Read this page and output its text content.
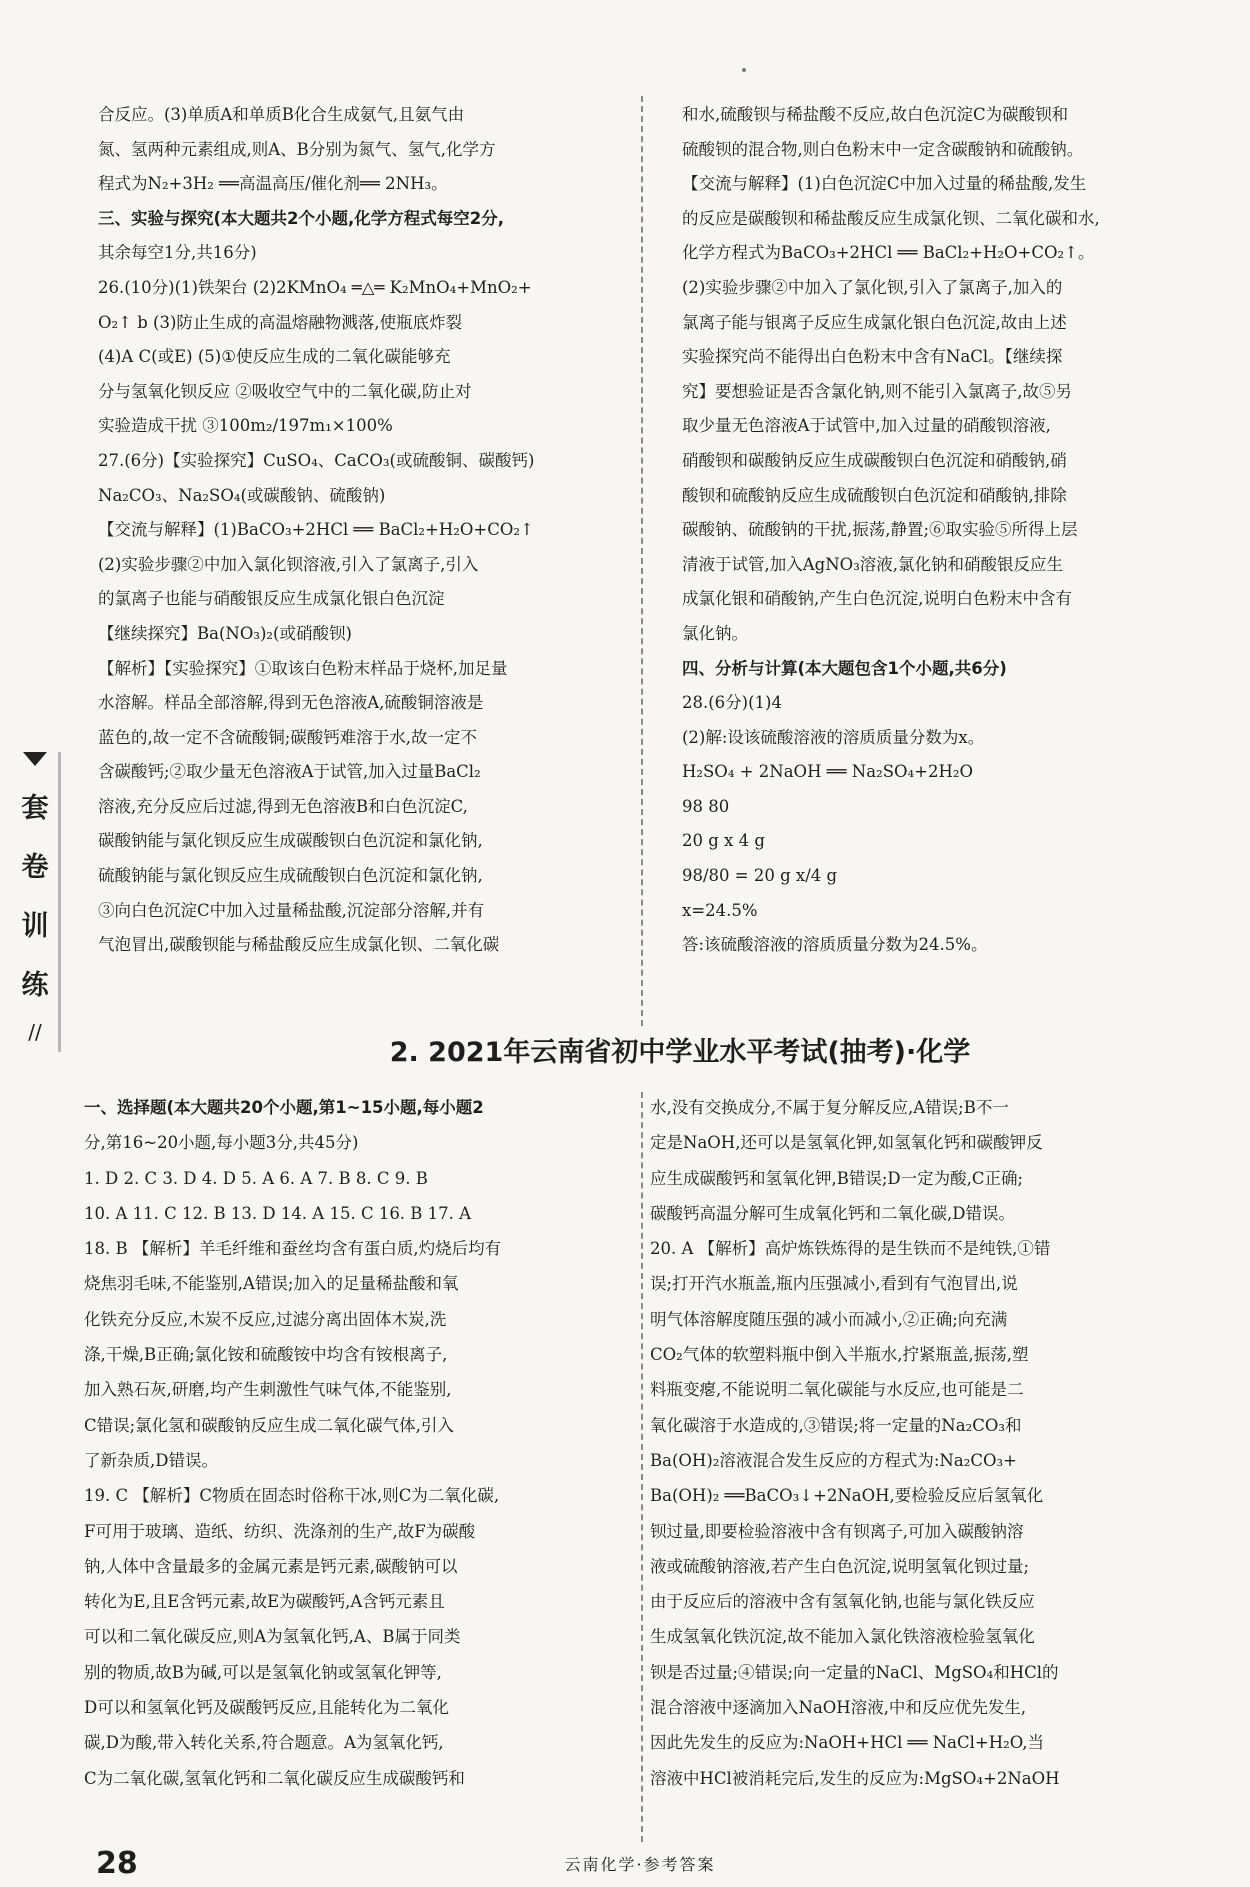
合反应。(3)单质A和单质B化合生成氨气,且氨气由

氮、氢两种元素组成,则A、B分别为氮气、氢气,化学方

程式为N₂+3H₂ ══高温高压/催化剂══ 2NH₃。

三、实验与探究(本大题共2个小题,化学方程式每空2分,

其余每空1分,共16分)

26.(10分)(1)铁架台 (2)2KMnO₄ ═△═ K₂MnO₄+MnO₂+

O₂↑ b (3)防止生成的高温熔融物溅落,使瓶底炸裂

(4)A C(或E) (5)①使反应生成的二氧化碳能够充

分与氢氧化钡反应 ②吸收空气中的二氧化碳,防止对

实验造成干扰 ③100m₂/197m₁×100%

27.(6分)【实验探究】CuSO₄、CaCO₃(或硫酸铜、碳酸钙)

Na₂CO₃、Na₂SO₄(或碳酸钠、硫酸钠)

【交流与解释】(1)BaCO₃+2HCl ══ BaCl₂+H₂O+CO₂↑

(2)实验步骤②中加入氯化钡溶液,引入了氯离子,引入

的氯离子也能与硝酸银反应生成氯化银白色沉淀

【继续探究】Ba(NO₃)₂(或硝酸钡)

【解析】【实验探究】①取该白色粉末样品于烧杯,加足量

水溶解。样品全部溶解,得到无色溶液A,硫酸铜溶液是

蓝色的,故一定不含硫酸铜;碳酸钙难溶于水,故一定不

含碳酸钙;②取少量无色溶液A于试管,加入过量BaCl₂

溶液,充分反应后过滤,得到无色溶液B和白色沉淀C,

碳酸钠能与氯化钡反应生成碳酸钡白色沉淀和氯化钠,

硫酸钠能与氯化钡反应生成硫酸钡白色沉淀和氯化钠,

③向白色沉淀C中加入过量稀盐酸,沉淀部分溶解,并有

气泡冒出,碳酸钡能与稀盐酸反应生成氯化钡、二氧化碳

和水,硫酸钡与稀盐酸不反应,故白色沉淀C为碳酸钡和

硫酸钡的混合物,则白色粉末中一定含碳酸钠和硫酸钠。

【交流与解释】(1)白色沉淀C中加入过量的稀盐酸,发生

的反应是碳酸钡和稀盐酸反应生成氯化钡、二氧化碳和水,

化学方程式为BaCO₃+2HCl ══ BaCl₂+H₂O+CO₂↑。

(2)实验步骤②中加入了氯化钡,引入了氯离子,加入的

氯离子能与银离子反应生成氯化银白色沉淀,故由上述

实验探究尚不能得出白色粉末中含有NaCl。【继续探

究】要想验证是否含氯化钠,则不能引入氯离子,故⑤另

取少量无色溶液A于试管中,加入过量的硝酸钡溶液,

硝酸钡和碳酸钠反应生成碳酸钡白色沉淀和硝酸钠,硝

酸钡和硫酸钠反应生成硫酸钡白色沉淀和硝酸钠,排除

碳酸钠、硫酸钠的干扰,振荡,静置;⑥取实验⑤所得上层

清液于试管,加入AgNO₃溶液,氯化钠和硝酸银反应生

成氯化银和硝酸钠,产生白色沉淀,说明白色粉末中含有

氯化钠。

四、分析与计算(本大题包含1个小题,共6分)

28.(6分)(1)4

(2)解:设该硫酸溶液的溶质质量分数为x。

H₂SO₄ + 2NaOH ══ Na₂SO₄+2H₂O

98 80

20 g x 4 g

98/80 = 20 g x/4 g

x=24.5%

答:该硫酸溶液的溶质质量分数为24.5%。

2. 2021年云南省初中学业水平考试(抽考)·化学

一、选择题(本大题共20个小题,第1~15小题,每小题2

分,第16~20小题,每小题3分,共45分)

1. D 2. C 3. D 4. D 5. A 6. A 7. B 8. C 9. B

10. A 11. C 12. B 13. D 14. A 15. C 16. B 17. A

18. B 【解析】羊毛纤维和蚕丝均含有蛋白质,灼烧后均有

烧焦羽毛味,不能鉴别,A错误;加入的足量稀盐酸和氧

化铁充分反应,木炭不反应,过滤分离出固体木炭,洗

涤,干燥,B正确;氯化铵和硫酸铵中均含有铵根离子,

加入熟石灰,研磨,均产生刺激性气味气体,不能鉴别,

C错误;氯化氢和碳酸钠反应生成二氧化碳气体,引入

了新杂质,D错误。

19. C 【解析】C物质在固态时俗称干冰,则C为二氧化碳,

F可用于玻璃、造纸、纺织、洗涤剂的生产,故F为碳酸

钠,人体中含量最多的金属元素是钙元素,碳酸钠可以

转化为E,且E含钙元素,故E为碳酸钙,A含钙元素且

可以和二氧化碳反应,则A为氢氧化钙,A、B属于同类

别的物质,故B为碱,可以是氢氧化钠或氢氧化钾等,

D可以和氢氧化钙及碳酸钙反应,且能转化为二氧化

碳,D为酸,带入转化关系,符合题意。A为氢氧化钙,

C为二氧化碳,氢氧化钙和二氧化碳反应生成碳酸钙和

水,没有交换成分,不属于复分解反应,A错误;B不一

定是NaOH,还可以是氢氧化钾,如氢氧化钙和碳酸钾反

应生成碳酸钙和氢氧化钾,B错误;D一定为酸,C正确;

碳酸钙高温分解可生成氧化钙和二氧化碳,D错误。

20. A 【解析】高炉炼铁炼得的是生铁而不是纯铁,①错

误;打开汽水瓶盖,瓶内压强减小,看到有气泡冒出,说

明气体溶解度随压强的减小而减小,②正确;向充满

CO₂气体的软塑料瓶中倒入半瓶水,拧紧瓶盖,振荡,塑

料瓶变瘪,不能说明二氧化碳能与水反应,也可能是二

氧化碳溶于水造成的,③错误;将一定量的Na₂CO₃和

Ba(OH)₂溶液混合发生反应的方程式为:Na₂CO₃+

Ba(OH)₂ ══BaCO₃↓+2NaOH,要检验反应后氢氧化

钡过量,即要检验溶液中含有钡离子,可加入碳酸钠溶

液或硫酸钠溶液,若产生白色沉淀,说明氢氧化钡过量;

由于反应后的溶液中含有氢氧化钠,也能与氯化铁反应

生成氢氧化铁沉淀,故不能加入氯化铁溶液检验氢氧化

钡是否过量;④错误;向一定量的NaCl、MgSO₄和HCl的

混合溶液中逐滴加入NaOH溶液,中和反应优先发生,

因此先发生的反应为:NaOH+HCl ══ NaCl+H₂O,当

溶液中HCl被消耗完后,发生的反应为:MgSO₄+2NaOH

套
卷
训
练
//
28	云南化学·参考答案
